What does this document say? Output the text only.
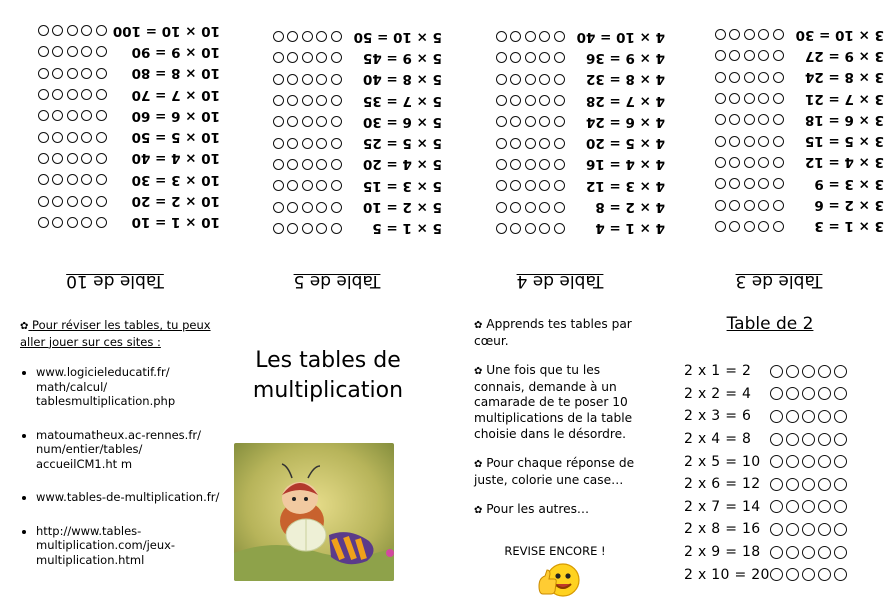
Table de 10
10 × 1 = 10
10 × 2 = 20
10 × 3 = 30
10 × 4 = 40
10 × 5 = 50
10 × 6 = 60
10 × 7 = 70
10 × 8 = 80
10 × 9 = 90
10 × 10 = 100
Table de 5
5 × 1 = 5
5 × 2 = 10
5 × 3 = 15
5 × 4 = 20
5 × 5 = 25
5 × 6 = 30
5 × 7 = 35
5 × 8 = 40
5 × 9 = 45
5 × 10 = 50
Table de 4
4 × 1 = 4
4 × 2 = 8
4 × 3 = 12
4 × 4 = 16
4 × 5 = 20
4 × 6 = 24
4 × 7 = 28
4 × 8 = 32
4 × 9 = 36
4 × 10 = 40
Table de 3
3 × 1 = 3
3 × 2 = 6
3 × 3 = 9
3 × 4 = 12
3 × 5 = 15
3 × 6 = 18
3 × 7 = 21
3 × 8 = 24
3 × 9 = 27
3 × 10 = 30
✿ Pour réviser les tables, tu peux aller jouer sur ces sites :
• www.logicieleducatif.fr/ math/calcul/ tablesmultiplication.php
• matoumatheux.ac-rennes.fr/ num/entier/tables/ accueilCM1.ht m
• www.tables-de-multiplication.fr/
• http://www.tables-multiplication.com/jeux-multiplication.html
Les tables de multiplication

✿ Apprends tes tables par cœur.

✿ Une fois que tu les connais, demande à un camarade de te poser 10 multiplications de la table choisie dans le désordre.

✿ Pour chaque réponse de juste, colorie une case…

✿ Pour les autres…

REVISE ENCORE !
Table de 2
2 x 1 = 2
2 x 2 = 4
2 x 3 = 6
2 x 4 = 8
2 x 5 = 10
2 x 6 = 12
2 x 7 = 14
2 x 8 = 16
2 x 9 = 18
2 x 10 = 20
